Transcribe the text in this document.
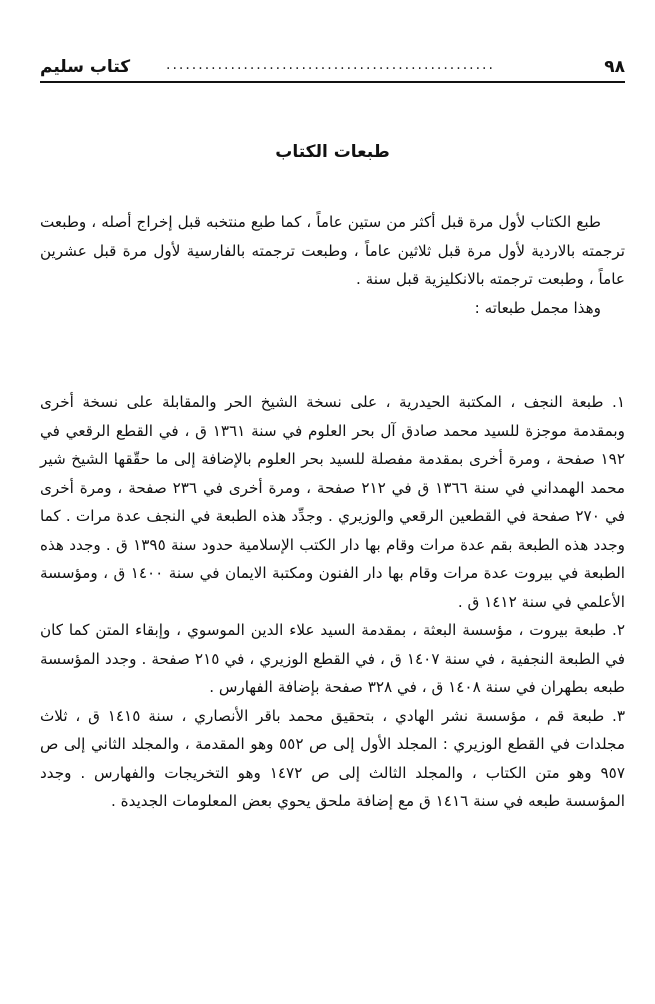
٩٨
...................................................
كتاب سليم
طبعات الكتاب

طبع الكتاب لأول مرة قبل أكثر من ستين عاماً ، كما طبع منتخبه قبل إخراج أصله ، وطبعت ترجمته بالاردية لأول مرة قبل ثلاثين عاماً ، وطبعت ترجمته بالفارسية لأول مرة قبل عشرين عاماً ، وطبعت ترجمته بالانكليزية قبل سنة .

وهذا مجمل طبعاته :

١. طبعة النجف ، المكتبة الحيدرية ، على نسخة الشيخ الحر والمقابلة على نسخة أخرى وبمقدمة موجزة للسيد محمد صادق آل بحر العلوم في سنة ١٣٦١ ق ، في القطع الرقعي في ١٩٢ صفحة ، ومرة أخرى بمقدمة مفصلة للسيد بحر العلوم بالإضافة إلى ما حقّقها الشيخ شير محمد الهمداني في سنة ١٣٦٦ ق في ٢١٢ صفحة ، ومرة أخرى في ٢٣٦ صفحة ، ومرة أخرى في ٢٧٠ صفحة في القطعين الرقعي والوزيري . وجدِّد هذه الطبعة في النجف عدة مرات . كما وجدد هذه الطبعة بقم عدة مرات وقام بها دار الكتب الإسلامية حدود سنة ١٣٩٥ ق . وجدد هذه الطبعة في بيروت عدة مرات وقام بها دار الفنون ومكتبة الايمان في سنة ١٤٠٠ ق ، ومؤسسة الأعلمي في سنة ١٤١٢ ق .

٢. طبعة بيروت ، مؤسسة البعثة ، بمقدمة السيد علاء الدين الموسوي ، وإبقاء المتن كما كان في الطبعة النجفية ، في سنة ١٤٠٧ ق ، في القطع الوزيري ، في ٢١٥ صفحة . وجدد المؤسسة طبعه بطهران في سنة ١٤٠٨ ق ، في ٣٢٨ صفحة بإضافة الفهارس .

٣. طبعة قم ، مؤسسة نشر الهادي ، بتحقيق محمد باقر الأنصاري ، سنة ١٤١٥ ق ، ثلاث مجلدات في القطع الوزيري : المجلد الأول إلى ص ٥٥٢ وهو المقدمة ، والمجلد الثاني إلى ص ٩٥٧ وهو متن الكتاب ، والمجلد الثالث إلى ص ١٤٧٢ وهو التخريجات والفهارس . وجدد المؤسسة طبعه في سنة ١٤١٦ ق مع إضافة ملحق يحوي بعض المعلومات الجديدة .
